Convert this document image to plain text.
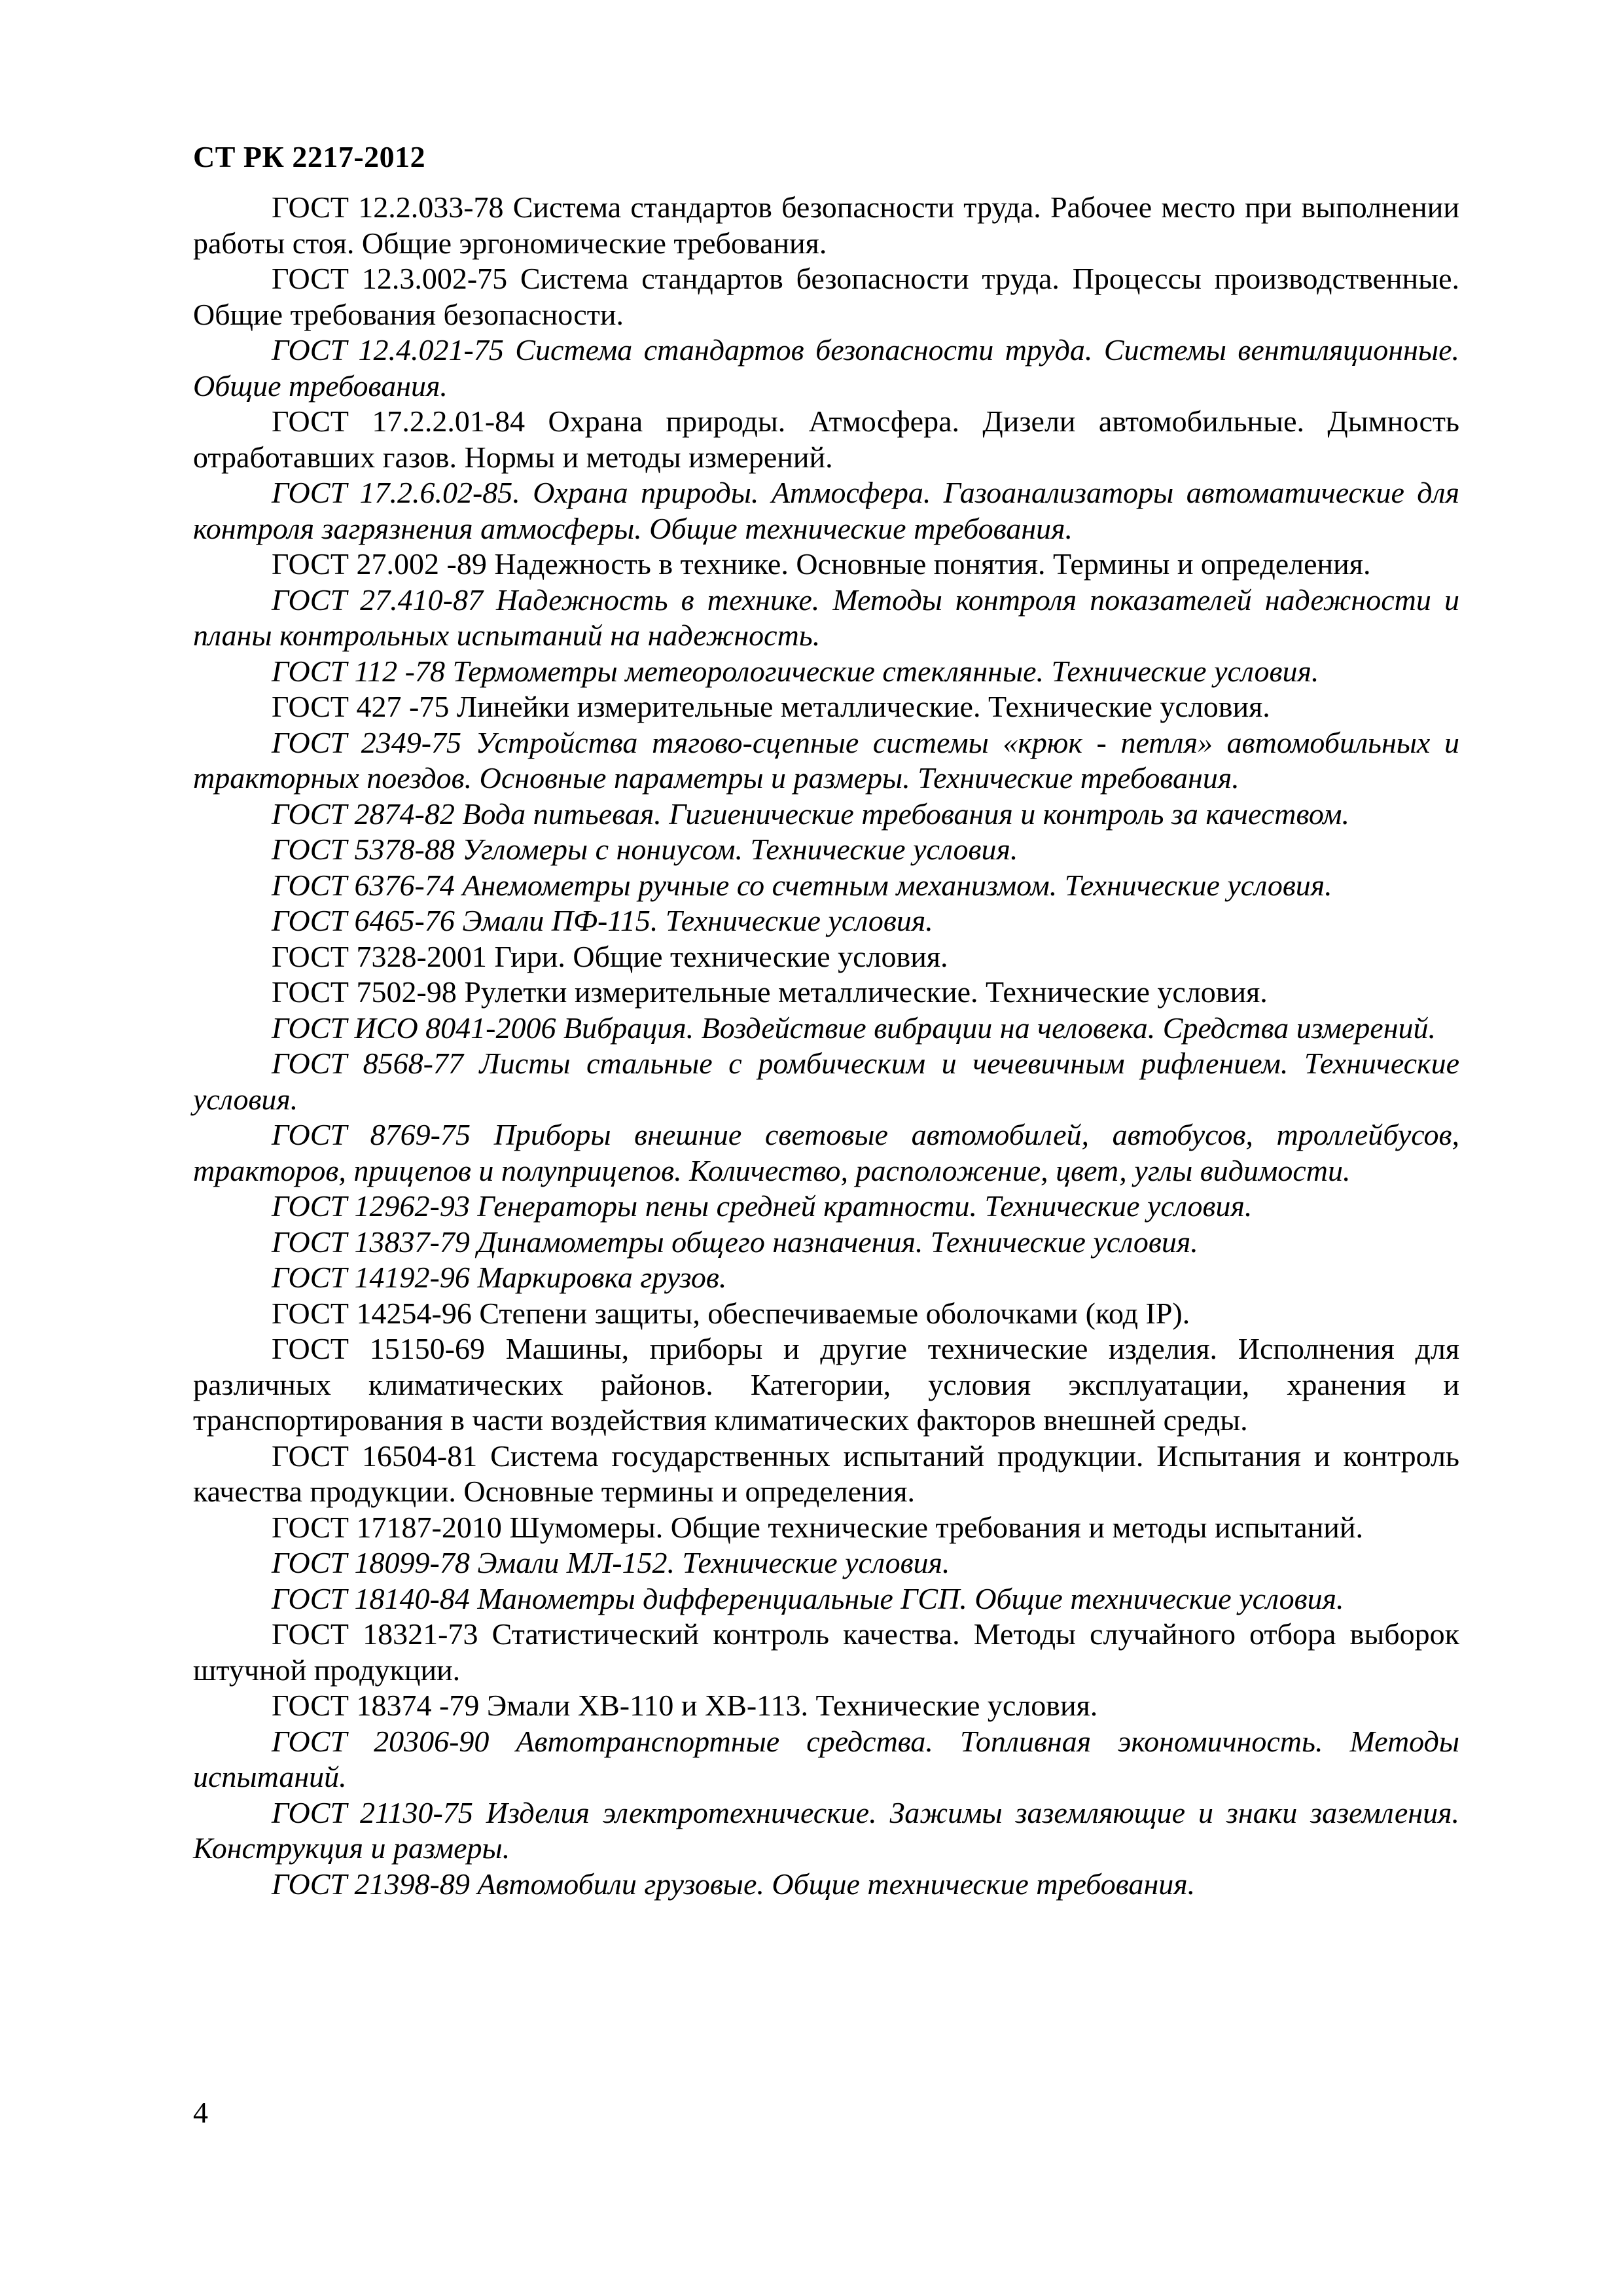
СТ РК 2217-2012

ГОСТ 12.2.033-78 Система стандартов безопасности труда. Рабочее место при выполнении работы стоя. Общие эргономические требования.

ГОСТ 12.3.002-75 Система стандартов безопасности труда. Процессы производственные. Общие требования безопасности.

ГОСТ 12.4.021-75 Система стандартов безопасности труда. Системы вентиляционные. Общие требования.

ГОСТ 17.2.2.01-84 Охрана природы. Атмосфера. Дизели автомобильные. Дымность отработавших газов. Нормы и методы измерений.

ГОСТ 17.2.6.02-85. Охрана природы. Атмосфера. Газоанализаторы автоматические для контроля загрязнения атмосферы. Общие технические требования.

ГОСТ 27.002 -89 Надежность в технике. Основные понятия. Термины и определения.

ГОСТ 27.410-87 Надежность в технике. Методы контроля показателей надежности и планы контрольных испытаний на надежность.

ГОСТ 112 -78 Термометры метеорологические стеклянные. Технические условия.

ГОСТ 427 -75 Линейки измерительные металлические. Технические условия.

ГОСТ 2349-75 Устройства тягово-сцепные системы «крюк - петля» автомобильных и тракторных поездов. Основные параметры и размеры. Технические требования.

ГОСТ 2874-82 Вода питьевая. Гигиенические требования и контроль за качеством.

ГОСТ 5378-88 Угломеры с нониусом. Технические условия.

ГОСТ 6376-74 Анемометры ручные со счетным механизмом. Технические условия.

ГОСТ 6465-76 Эмали ПФ-115. Технические условия.

ГОСТ 7328-2001 Гири. Общие технические условия.

ГОСТ 7502-98 Рулетки измерительные металлические. Технические условия.

ГОСТ ИСО 8041-2006 Вибрация. Воздействие вибрации на человека. Средства измерений.

ГОСТ 8568-77 Листы стальные с ромбическим и чечевичным рифлением. Технические условия.

ГОСТ 8769-75 Приборы внешние световые автомобилей, автобусов, троллейбусов, тракторов, прицепов и полуприцепов. Количество, расположение, цвет, углы видимости.

ГОСТ 12962-93 Генераторы пены средней кратности. Технические условия.

ГОСТ 13837-79 Динамометры общего назначения. Технические условия.

ГОСТ 14192-96 Маркировка грузов.

ГОСТ 14254-96 Степени защиты, обеспечиваемые оболочками (код IP).

ГОСТ 15150-69 Машины, приборы и другие технические изделия. Исполнения для различных климатических районов. Категории, условия эксплуатации, хранения и транспортирования в части воздействия климатических факторов внешней среды.

ГОСТ 16504-81 Система государственных испытаний продукции. Испытания и контроль качества продукции. Основные термины и определения.

ГОСТ 17187-2010 Шумомеры. Общие технические требования и методы испытаний.

ГОСТ 18099-78 Эмали МЛ-152. Технические условия.

ГОСТ 18140-84 Манометры дифференциальные ГСП. Общие технические условия.

ГОСТ 18321-73 Статистический контроль качества. Методы случайного отбора выборок штучной продукции.

ГОСТ 18374 -79 Эмали ХВ-110 и ХВ-113. Технические условия.

ГОСТ 20306-90 Автотранспортные средства. Топливная экономичность. Методы испытаний.

ГОСТ 21130-75 Изделия электротехнические. Зажимы заземляющие и знаки заземления. Конструкция и размеры.

ГОСТ 21398-89 Автомобили грузовые. Общие технические требования.

4
